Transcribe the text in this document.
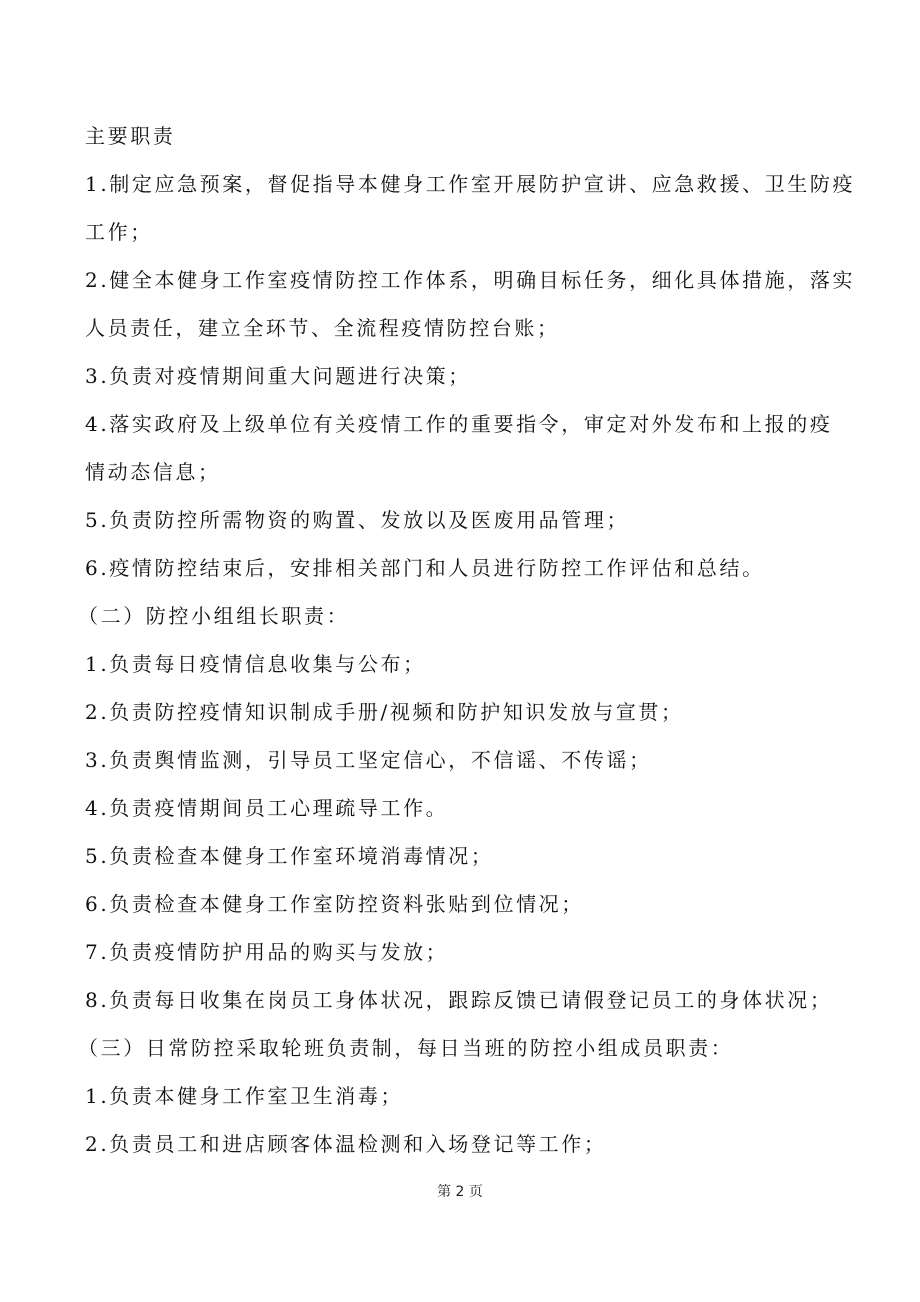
主要职责
1.制定应急预案，督促指导本健身工作室开展防护宣讲、应急救援、卫生防疫
工作；
2.健全本健身工作室疫情防控工作体系，明确目标任务，细化具体措施，落实
人员责任，建立全环节、全流程疫情防控台账；
3.负责对疫情期间重大问题进行决策；
4.落实政府及上级单位有关疫情工作的重要指令，审定对外发布和上报的疫
情动态信息；
5.负责防控所需物资的购置、发放以及医废用品管理；
6.疫情防控结束后，安排相关部门和人员进行防控工作评估和总结。
（二）防控小组组长职责：
1.负责每日疫情信息收集与公布；
2.负责防控疫情知识制成手册/视频和防护知识发放与宣贯；
3.负责舆情监测，引导员工坚定信心，不信谣、不传谣；
4.负责疫情期间员工心理疏导工作。
5.负责检查本健身工作室环境消毒情况；
6.负责检查本健身工作室防控资料张贴到位情况；
7.负责疫情防护用品的购买与发放；
8.负责每日收集在岗员工身体状况，跟踪反馈已请假登记员工的身体状况；
（三）日常防控采取轮班负责制，每日当班的防控小组成员职责：
1.负责本健身工作室卫生消毒；
2.负责员工和进店顾客体温检测和入场登记等工作；
第 2 页
